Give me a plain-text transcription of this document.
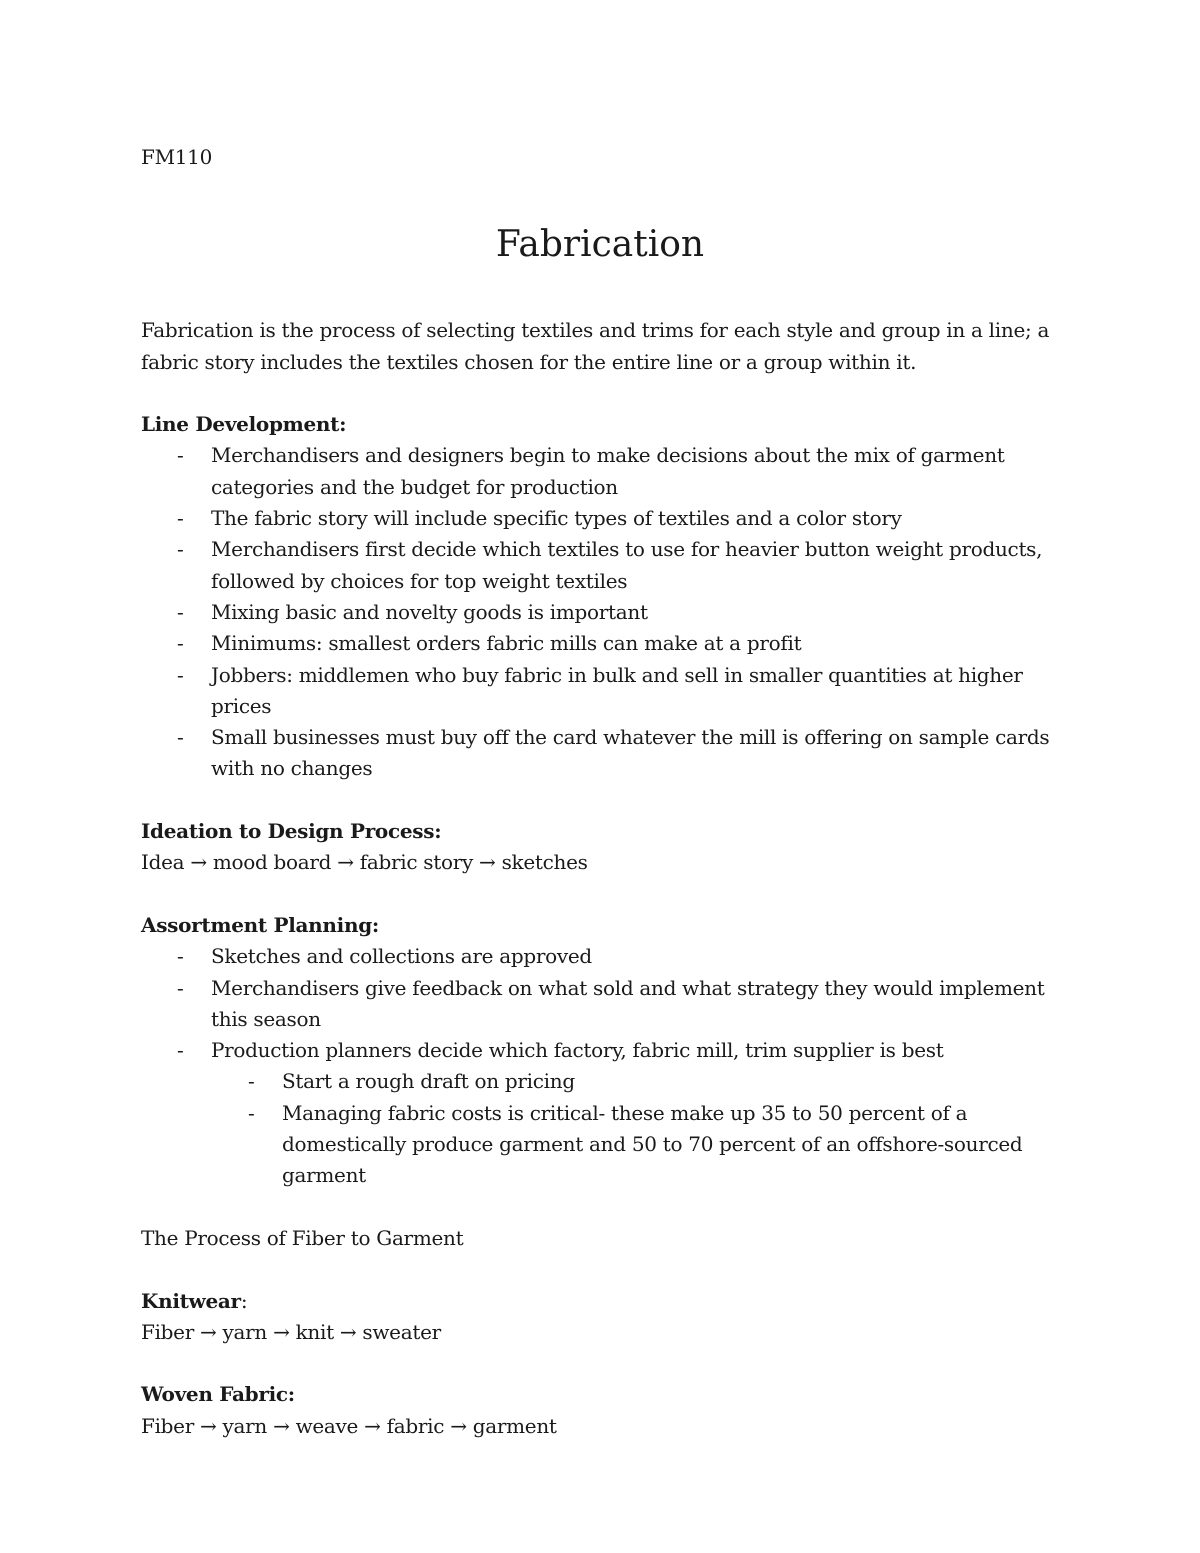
FM110

Fabrication

Fabrication is the process of selecting textiles and trims for each style and group in a line; a fabric story includes the textiles chosen for the entire line or a group within it.

Line Development:

- Merchandisers and designers begin to make decisions about the mix of garment categories and the budget for production
- The fabric story will include specific types of textiles and a color story
- Merchandisers first decide which textiles to use for heavier button weight products, followed by choices for top weight textiles
- Mixing basic and novelty goods is important
- Minimums: smallest orders fabric mills can make at a profit
- Jobbers: middlemen who buy fabric in bulk and sell in smaller quantities at higher prices
- Small businesses must buy off the card whatever the mill is offering on sample cards with no changes

Ideation to Design Process:

Idea → mood board → fabric story → sketches

Assortment Planning:

- Sketches and collections are approved
- Merchandisers give feedback on what sold and what strategy they would implement this season
- Production planners decide which factory, fabric mill, trim supplier is best
- Start a rough draft on pricing
- Managing fabric costs is critical- these make up 35 to 50 percent of a domestically produce garment and 50 to 70 percent of an offshore-sourced garment

The Process of Fiber to Garment

Knitwear:

Fiber → yarn → knit → sweater

Woven Fabric:

Fiber → yarn → weave → fabric → garment
